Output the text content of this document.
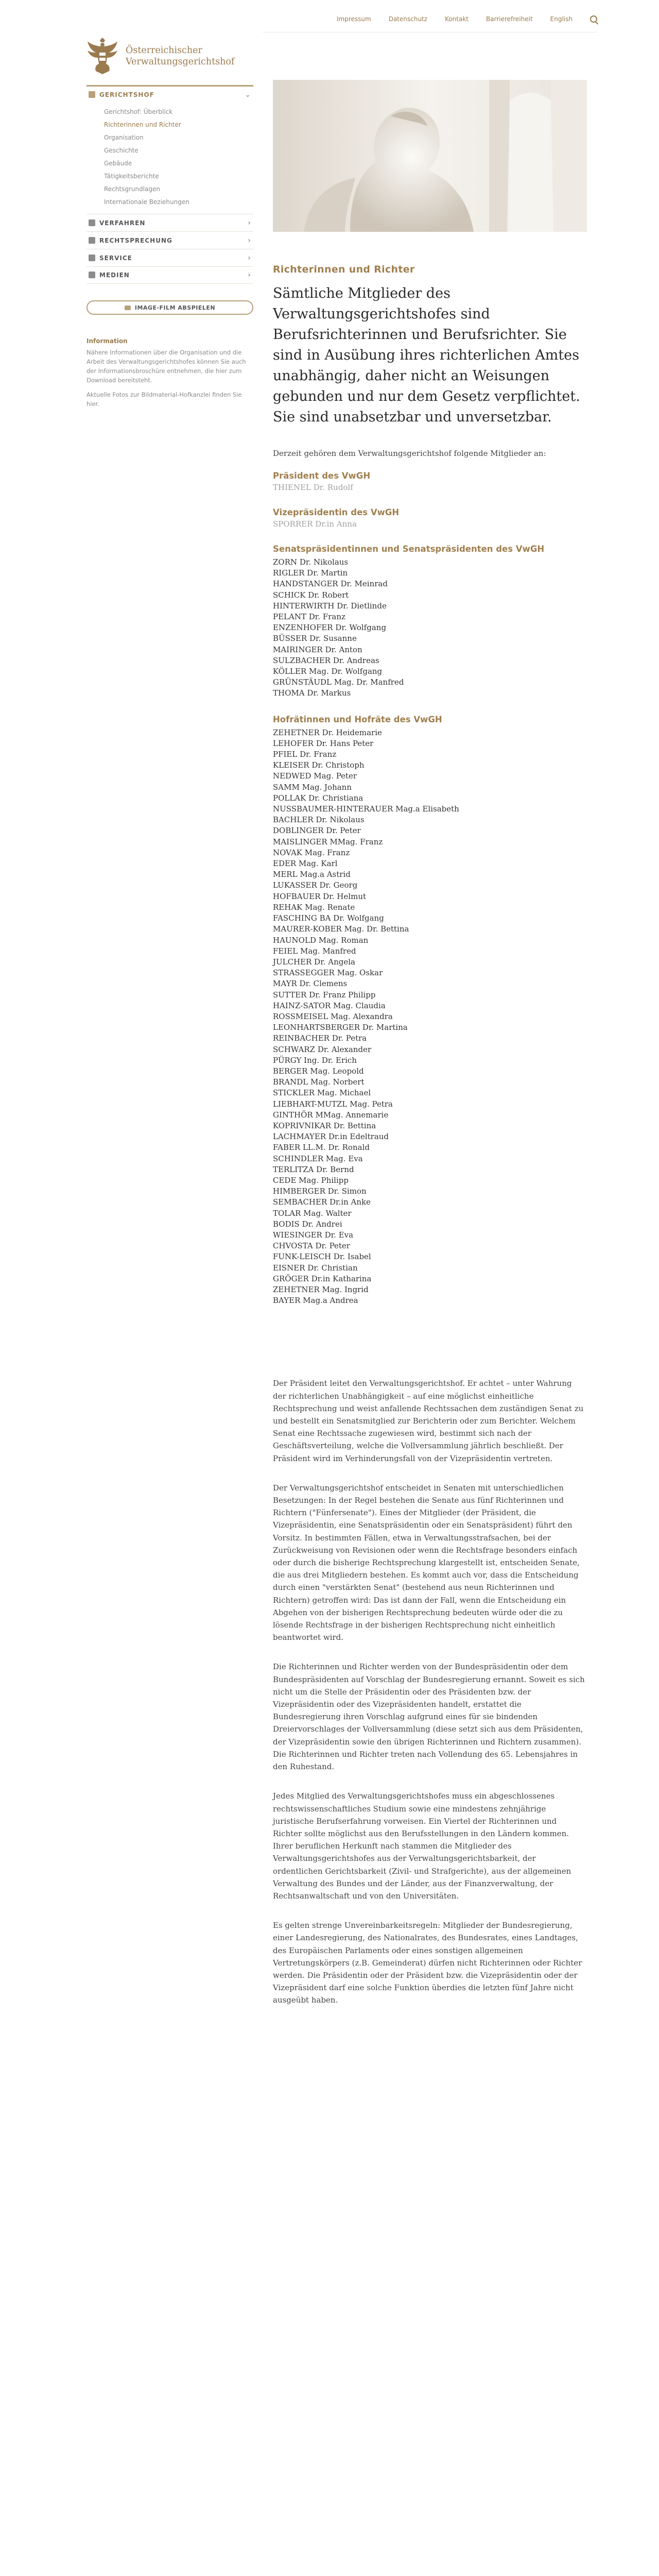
Impressum	Datenschutz	Kontakt	Barrierefreiheit	English
Österreichischer
Verwaltungsgerichtshof
GERICHTSHOF	⌄
Gerichtshof: Überblick
Richterinnen und Richter
Organisation
Geschichte
Gebäude
Tätigkeitsberichte
Rechtsgrundlagen
Internationale Beziehungen
VERFAHREN	›
RECHTSPRECHUNG	›
SERVICE	›
MEDIEN	›
IMAGE-FILM ABSPIELEN
Information

Nähere Informationen über die Organisation und die Arbeit des Verwaltungsgerichtshofes können Sie auch der Informationsbroschüre entnehmen, die hier zum Download bereitsteht.

Aktuelle Fotos zur Bildmaterial-Hofkanzlei finden Sie hier.

Richterinnen und Richter

Sämtliche Mitglieder des Verwaltungsgerichtshofes sind Berufsrichterinnen und Berufsrichter. Sie sind in Ausübung ihres richterlichen Amtes unabhängig, daher nicht an Weisungen gebunden und nur dem Gesetz verpflichtet. Sie sind unabsetzbar und unversetzbar.

Derzeit gehören dem Verwaltungsgerichtshof folgende Mitglieder an:

Präsident des VwGH
THIENEL Dr. Rudolf
Vizepräsidentin des VwGH
SPORRER Dr.in Anna
Senatspräsidentinnen und Senatspräsidenten des VwGH
ZORN Dr. Nikolaus
RIGLER Dr. Martin
HANDSTANGER Dr. Meinrad
SCHICK Dr. Robert
HINTERWIRTH Dr. Dietlinde
PELANT Dr. Franz
ENZENHOFER Dr. Wolfgang
BÜSSER Dr. Susanne
MAIRINGER Dr. Anton
SULZBACHER Dr. Andreas
KÖLLER Mag. Dr. Wolfgang
GRÜNSTÄUDL Mag. Dr. Manfred
THOMA Dr. Markus
Hofrätinnen und Hofräte des VwGH
ZEHETNER Dr. Heidemarie
LEHOFER Dr. Hans Peter
PFIEL Dr. Franz
KLEISER Dr. Christoph
NEDWED Mag. Peter
SAMM Mag. Johann
POLLAK Dr. Christiana
NUSSBAUMER-HINTERAUER Mag.a Elisabeth
BACHLER Dr. Nikolaus
DOBLINGER Dr. Peter
MAISLINGER MMag. Franz
NOVAK Mag. Franz
EDER Mag. Karl
MERL Mag.a Astrid
LUKASSER Dr. Georg
HOFBAUER Dr. Helmut
REHAK Mag. Renate
FASCHING BA Dr. Wolfgang
MAURER-KOBER Mag. Dr. Bettina
HAUNOLD Mag. Roman
FEIEL Mag. Manfred
JULCHER Dr. Angela
STRASSEGGER Mag. Oskar
MAYR Dr. Clemens
SUTTER Dr. Franz Philipp
HAINZ-SATOR Mag. Claudia
ROSSMEISEL Mag. Alexandra
LEONHARTSBERGER Dr. Martina
REINBACHER Dr. Petra
SCHWARZ Dr. Alexander
PÜRGY Ing. Dr. Erich
BERGER Mag. Leopold
BRANDL Mag. Norbert
STICKLER Mag. Michael
LIEBHART-MUTZL Mag. Petra
GINTHÖR MMag. Annemarie
KOPRIVNIKAR Dr. Bettina
LACHMAYER Dr.in Edeltraud
FABER LL.M. Dr. Ronald
SCHINDLER Mag. Eva
TERLITZA Dr. Bernd
CEDE Mag. Philipp
HIMBERGER Dr. Simon
SEMBACHER Dr.in Anke
TOLAR Mag. Walter
BODIS Dr. Andrei
WIESINGER Dr. Eva
CHVOSTA Dr. Peter
FUNK-LEISCH Dr. Isabel
EISNER Dr. Christian
GRÖGER Dr.in Katharina
ZEHETNER Mag. Ingrid
BAYER Mag.a Andrea

Der Präsident leitet den Verwaltungsgerichtshof. Er achtet – unter Wahrung der richterlichen Unabhängigkeit – auf eine möglichst einheitliche Rechtsprechung und weist anfallende Rechtssachen dem zuständigen Senat zu und bestellt ein Senatsmitglied zur Berichterin oder zum Berichter. Welchem Senat eine Rechtssache zugewiesen wird, bestimmt sich nach der Geschäftsverteilung, welche die Vollversammlung jährlich beschließt. Der Präsident wird im Verhinderungsfall von der Vizepräsidentin vertreten.

Der Verwaltungsgerichtshof entscheidet in Senaten mit unterschiedlichen Besetzungen: In der Regel bestehen die Senate aus fünf Richterinnen und Richtern ("Fünfersenate"). Eines der Mitglieder (der Präsident, die Vizepräsidentin, eine Senatspräsidentin oder ein Senatspräsident) führt den Vorsitz. In bestimmten Fällen, etwa in Verwaltungsstrafsachen, bei der Zurückweisung von Revisionen oder wenn die Rechtsfrage besonders einfach oder durch die bisherige Rechtsprechung klargestellt ist, entscheiden Senate, die aus drei Mitgliedern bestehen. Es kommt auch vor, dass die Entscheidung durch einen "verstärkten Senat" (bestehend aus neun Richterinnen und Richtern) getroffen wird: Das ist dann der Fall, wenn die Entscheidung ein Abgehen von der bisherigen Rechtsprechung bedeuten würde oder die zu lösende Rechtsfrage in der bisherigen Rechtsprechung nicht einheitlich beantwortet wird.

Die Richterinnen und Richter werden von der Bundespräsidentin oder dem Bundespräsidenten auf Vorschlag der Bundesregierung ernannt. Soweit es sich nicht um die Stelle der Präsidentin oder des Präsidenten bzw. der Vizepräsidentin oder des Vizepräsidenten handelt, erstattet die Bundesregierung ihren Vorschlag aufgrund eines für sie bindenden Dreiervorschlages der Vollversammlung (diese setzt sich aus dem Präsidenten, der Vizepräsidentin sowie den übrigen Richterinnen und Richtern zusammen). Die Richterinnen und Richter treten nach Vollendung des 65. Lebensjahres in den Ruhestand.

Jedes Mitglied des Verwaltungsgerichtshofes muss ein abgeschlossenes rechtswissenschaftliches Studium sowie eine mindestens zehnjährige juristische Berufserfahrung vorweisen. Ein Viertel der Richterinnen und Richter sollte möglichst aus den Berufsstellungen in den Ländern kommen. Ihrer beruflichen Herkunft nach stammen die Mitglieder des Verwaltungsgerichtshofes aus der Verwaltungsgerichtsbarkeit, der ordentlichen Gerichtsbarkeit (Zivil- und Strafgerichte), aus der allgemeinen Verwaltung des Bundes und der Länder, aus der Finanzverwaltung, der Rechtsanwaltschaft und von den Universitäten.

Es gelten strenge Unvereinbarkeitsregeln: Mitglieder der Bundesregierung, einer Landesregierung, des Nationalrates, des Bundesrates, eines Landtages, des Europäischen Parlaments oder eines sonstigen allgemeinen Vertretungskörpers (z.B. Gemeinderat) dürfen nicht Richterinnen oder Richter werden. Die Präsidentin oder der Präsident bzw. die Vizepräsidentin oder der Vizepräsident darf eine solche Funktion überdies die letzten fünf Jahre nicht ausgeübt haben.
